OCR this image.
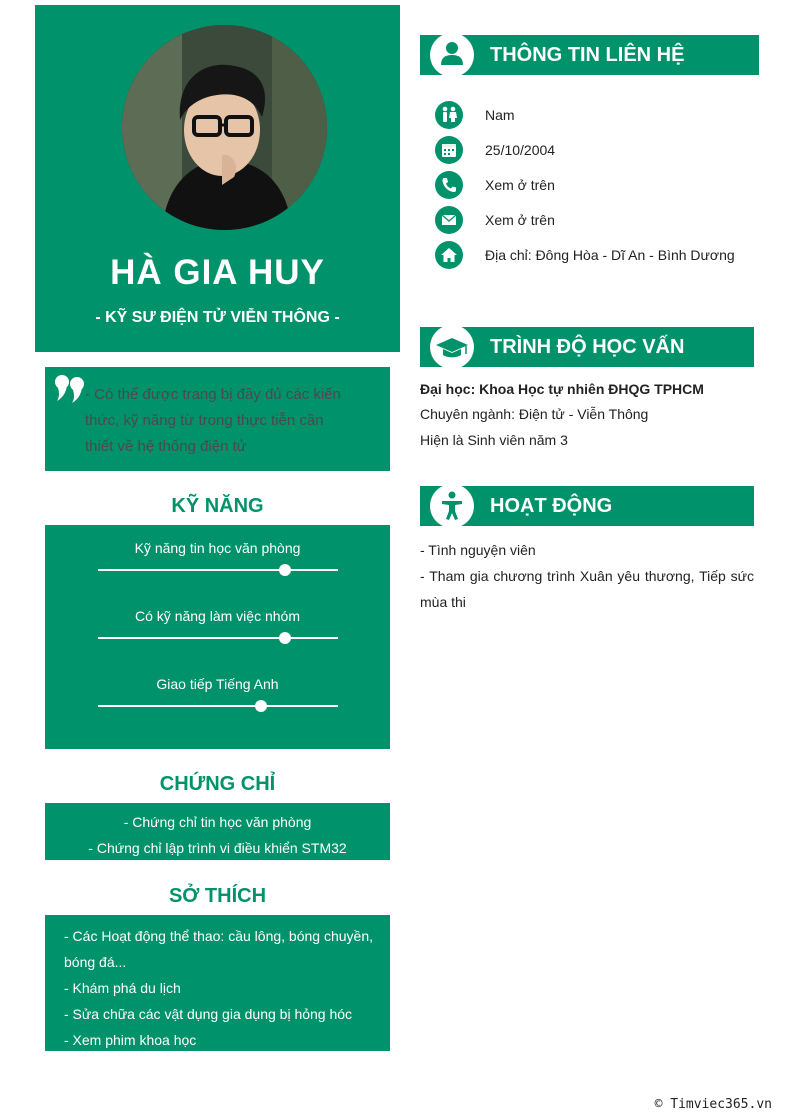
HÀ GIA HUY
- KỸ SƯ ĐIỆN TỬ VIỄN THÔNG -
- Có thể được trang bị đầy đủ các kiến thức, kỹ năng từ trong thực tiễn cần thiết về hệ thống điện tử
KỸ NĂNG
Kỹ năng tin học văn phòng
Có kỹ năng làm việc nhóm
Giao tiếp Tiếng Anh
CHỨNG CHỈ
- Chứng chỉ tin học văn phòng
- Chứng chỉ lập trình vi điều khiển STM32
SỞ THÍCH
- Các Hoạt động thể thao: cầu lông, bóng chuyền, bóng đá...
- Khám phá du lịch
- Sửa chữa các vật dụng gia dụng bị hỏng hóc
- Xem phim khoa học
THÔNG TIN LIÊN HỆ
Nam
25/10/2004
Xem ở trên
Xem ở trên
Địa chỉ: Đông Hòa - Dĩ An - Bình Dương
TRÌNH ĐỘ HỌC VẤN
Đại học: Khoa Học tự nhiên ĐHQG TPHCM
Chuyên ngành: Điện tử - Viễn Thông
Hiện là Sinh viên năm 3
HOẠT ĐỘNG
- Tình nguyện viên
- Tham gia chương trình Xuân yêu thương, Tiếp sức mùa thi
© Timviec365.vn
